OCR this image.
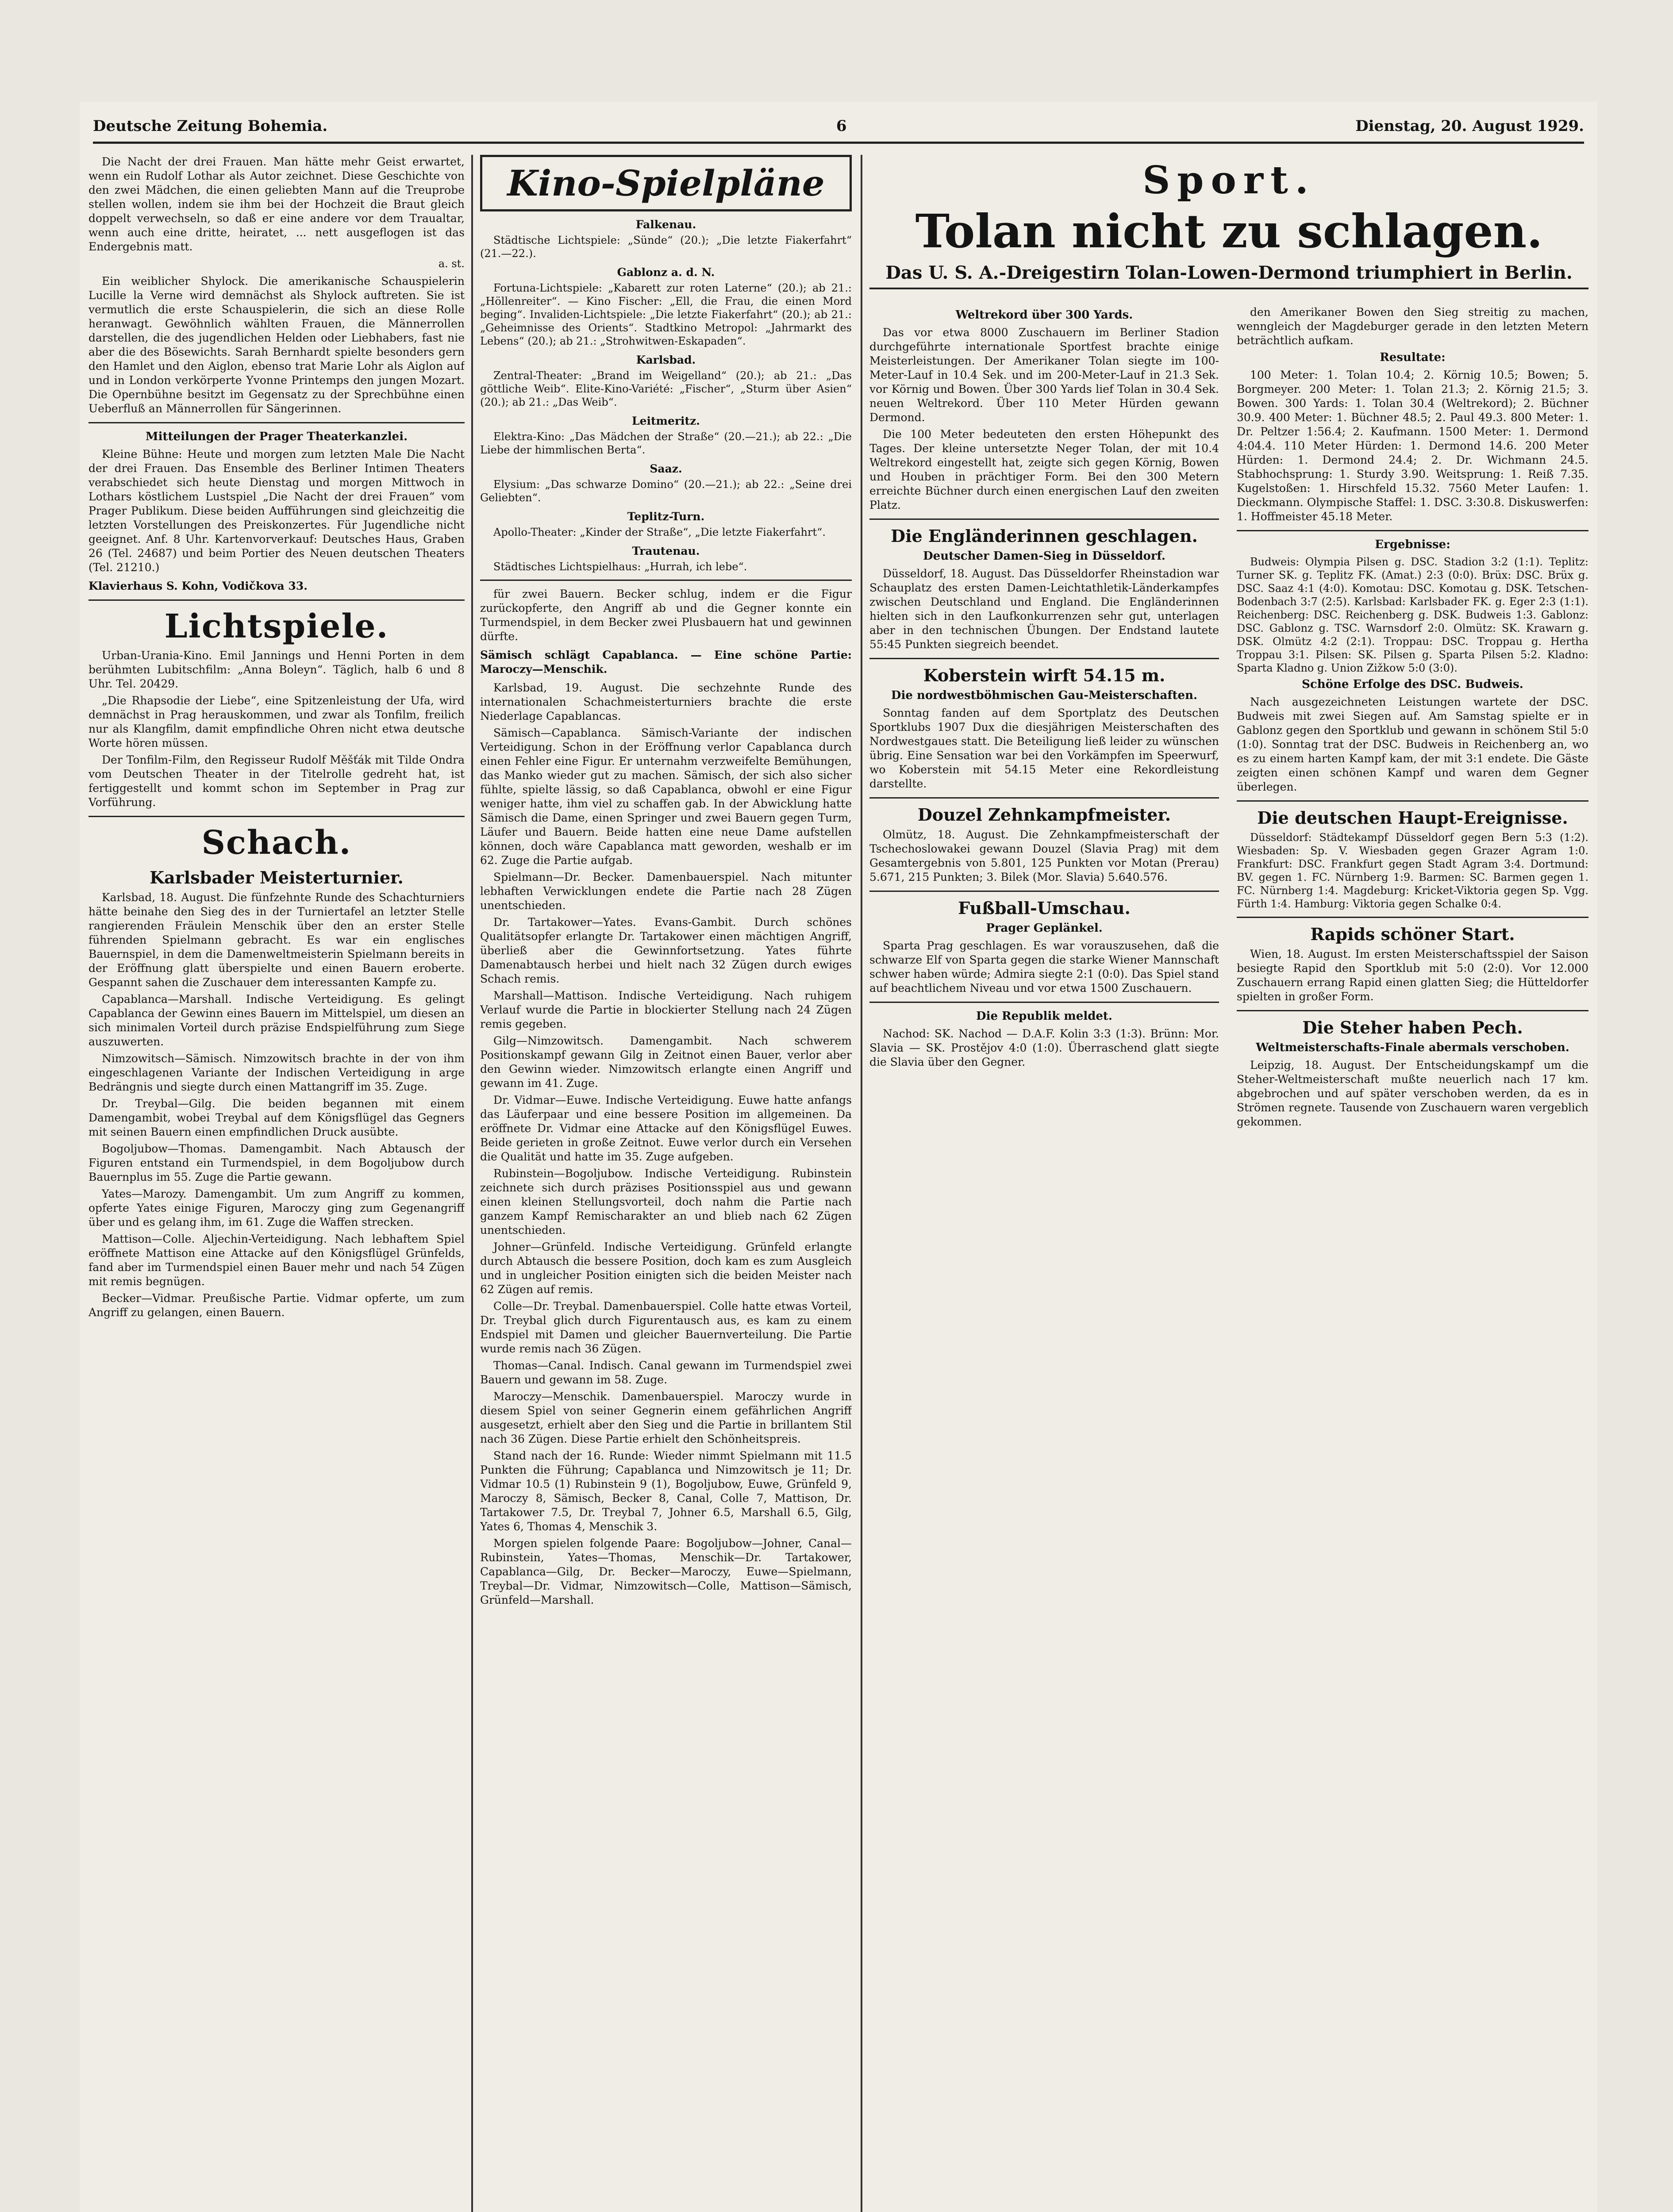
Deutsche Zeitung Bohemia.	6	Dienstag, 20. August 1929.

Die Nacht der drei Frauen. Man hätte mehr Geist erwartet, wenn ein Rudolf Lothar als Autor zeichnet. Diese Geschichte von den zwei Mädchen, die einen geliebten Mann auf die Treuprobe stellen wollen, indem sie ihm bei der Hochzeit die Braut gleich doppelt verwechseln, so daß er eine andere vor dem Traualtar, wenn auch eine dritte, heiratet, ... nett ausgeflogen ist das Endergebnis matt.

a. st.

Ein weiblicher Shylock. Die amerikanische Schauspielerin Lucille la Verne wird demnächst als Shylock auftreten. Sie ist vermutlich die erste Schauspielerin, die sich an diese Rolle heranwagt. Gewöhnlich wählten Frauen, die Männerrollen darstellen, die des jugendlichen Helden oder Liebhabers, fast nie aber die des Bösewichts. Sarah Bernhardt spielte besonders gern den Hamlet und den Aiglon, ebenso trat Marie Lohr als Aiglon auf und in London verkörperte Yvonne Printemps den jungen Mozart. Die Opernbühne besitzt im Gegensatz zu der Sprechbühne einen Ueberfluß an Männerrollen für Sängerinnen.

Mitteilungen der Prager Theaterkanzlei.

Kleine Bühne: Heute und morgen zum letzten Male Die Nacht der drei Frauen. Das Ensemble des Berliner Intimen Theaters verabschiedet sich heute Dienstag und morgen Mittwoch in Lothars köstlichem Lustspiel „Die Nacht der drei Frauen“ vom Prager Publikum. Diese beiden Aufführungen sind gleichzeitig die letzten Vorstellungen des Preiskonzertes. Für Jugendliche nicht geeignet. Anf. 8 Uhr. Kartenvorverkauf: Deutsches Haus, Graben 26 (Tel. 24687) und beim Portier des Neuen deutschen Theaters (Tel. 21210.)

Klavierhaus S. Kohn, Vodičkova 33.
Lichtspiele.

Urban-Urania-Kino. Emil Jannings und Henni Porten in dem berühmten Lubitschfilm: „Anna Boleyn“. Täglich, halb 6 und 8 Uhr. Tel. 20429.

„Die Rhapsodie der Liebe“, eine Spitzenleistung der Ufa, wird demnächst in Prag herauskommen, und zwar als Tonfilm, freilich nur als Klangfilm, damit empfindliche Ohren nicht etwa deutsche Worte hören müssen.

Der Tonfilm-Film, den Regisseur Rudolf Měšťák mit Tilde Ondra vom Deutschen Theater in der Titelrolle gedreht hat, ist fertiggestellt und kommt schon im September in Prag zur Vorführung.

Schach.
Karlsbader Meisterturnier.

Karlsbad, 18. August. Die fünfzehnte Runde des Schachturniers hätte beinahe den Sieg des in der Turniertafel an letzter Stelle rangierenden Fräulein Menschik über den an erster Stelle führenden Spielmann gebracht. Es war ein englisches Bauernspiel, in dem die Damenweltmeisterin Spielmann bereits in der Eröffnung glatt überspielte und einen Bauern eroberte. Gespannt sahen die Zuschauer dem interessanten Kampfe zu.

Capablanca—Marshall. Indische Verteidigung. Es gelingt Capablanca der Gewinn eines Bauern im Mittelspiel, um diesen an sich minimalen Vorteil durch präzise Endspielführung zum Siege auszuwerten.

Nimzowitsch—Sämisch. Nimzowitsch brachte in der von ihm eingeschlagenen Variante der Indischen Verteidigung in arge Bedrängnis und siegte durch einen Mattangriff im 35. Zuge.

Dr. Treybal—Gilg. Die beiden begannen mit einem Damengambit, wobei Treybal auf dem Königsflügel das Gegners mit seinen Bauern einen empfindlichen Druck ausübte.

Bogoljubow—Thomas. Damengambit. Nach Abtausch der Figuren entstand ein Turmendspiel, in dem Bogoljubow durch Bauernplus im 55. Zuge die Partie gewann.

Yates—Marozy. Damengambit. Um zum Angriff zu kommen, opferte Yates einige Figuren, Maroczy ging zum Gegenangriff über und es gelang ihm, im 61. Zuge die Waffen strecken.

Mattison—Colle. Aljechin-Verteidigung. Nach lebhaftem Spiel eröffnete Mattison eine Attacke auf den Königsflügel Grünfelds, fand aber im Turmendspiel einen Bauer mehr und nach 54 Zügen mit remis begnügen.

Becker—Vidmar. Preußische Partie. Vidmar opferte, um zum Angriff zu gelangen, einen Bauern.

Kino-Spielpläne
Falkenau.

Städtische Lichtspiele: „Sünde“ (20.); „Die letzte Fiakerfahrt“ (21.—22.).

Gablonz a. d. N.

Fortuna-Lichtspiele: „Kabarett zur roten Laterne“ (20.); ab 21.: „Höllenreiter“. — Kino Fischer: „Ell, die Frau, die einen Mord beging“. Invaliden-Lichtspiele: „Die letzte Fiakerfahrt“ (20.); ab 21.: „Geheimnisse des Orients“. Stadtkino Metropol: „Jahrmarkt des Lebens“ (20.); ab 21.: „Strohwitwen-Eskapaden“.

Karlsbad.

Zentral-Theater: „Brand im Weigelland“ (20.); ab 21.: „Das göttliche Weib“. Elite-Kino-Variété: „Fischer“, „Sturm über Asien“ (20.); ab 21.: „Das Weib“.

Leitmeritz.

Elektra-Kino: „Das Mädchen der Straße“ (20.—21.); ab 22.: „Die Liebe der himmlischen Berta“.

Saaz.

Elysium: „Das schwarze Domino“ (20.—21.); ab 22.: „Seine drei Geliebten“.

Teplitz-Turn.

Apollo-Theater: „Kinder der Straße“, „Die letzte Fiakerfahrt“.

Trautenau.

Städtisches Lichtspielhaus: „Hurrah, ich lebe“.

für zwei Bauern. Becker schlug, indem er die Figur zurückopferte, den Angriff ab und die Gegner konnte ein Turmendspiel, in dem Becker zwei Plusbauern hat und gewinnen dürfte.

Sämisch schlägt Capablanca. — Eine schöne Partie: Maroczy—Menschik.

Karlsbad, 19. August. Die sechzehnte Runde des internationalen Schachmeisterturniers brachte die erste Niederlage Capablancas.

Sämisch—Capablanca. Sämisch-Variante der indischen Verteidigung. Schon in der Eröffnung verlor Capablanca durch einen Fehler eine Figur. Er unternahm verzweifelte Bemühungen, das Manko wieder gut zu machen. Sämisch, der sich also sicher fühlte, spielte lässig, so daß Capablanca, obwohl er eine Figur weniger hatte, ihm viel zu schaffen gab. In der Abwicklung hatte Sämisch die Dame, einen Springer und zwei Bauern gegen Turm, Läufer und Bauern. Beide hatten eine neue Dame aufstellen können, doch wäre Capablanca matt geworden, weshalb er im 62. Zuge die Partie aufgab.

Spielmann—Dr. Becker. Damenbauerspiel. Nach mitunter lebhaften Verwicklungen endete die Partie nach 28 Zügen unentschieden.

Dr. Tartakower—Yates. Evans-Gambit. Durch schönes Qualitätsopfer erlangte Dr. Tartakower einen mächtigen Angriff, überließ aber die Gewinnfortsetzung. Yates führte Damenabtausch herbei und hielt nach 32 Zügen durch ewiges Schach remis.

Marshall—Mattison. Indische Verteidigung. Nach ruhigem Verlauf wurde die Partie in blockierter Stellung nach 24 Zügen remis gegeben.

Gilg—Nimzowitsch. Damengambit. Nach schwerem Positionskampf gewann Gilg in Zeitnot einen Bauer, verlor aber den Gewinn wieder. Nimzowitsch erlangte einen Angriff und gewann im 41. Zuge.

Dr. Vidmar—Euwe. Indische Verteidigung. Euwe hatte anfangs das Läuferpaar und eine bessere Position im allgemeinen. Da eröffnete Dr. Vidmar eine Attacke auf den Königsflügel Euwes. Beide gerieten in große Zeitnot. Euwe verlor durch ein Versehen die Qualität und hatte im 35. Zuge aufgeben.

Rubinstein—Bogoljubow. Indische Verteidigung. Rubinstein zeichnete sich durch präzises Positionsspiel aus und gewann einen kleinen Stellungsvorteil, doch nahm die Partie nach ganzem Kampf Remischarakter an und blieb nach 62 Zügen unentschieden.

Johner—Grünfeld. Indische Verteidigung. Grünfeld erlangte durch Abtausch die bessere Position, doch kam es zum Ausgleich und in ungleicher Position einigten sich die beiden Meister nach 62 Zügen auf remis.

Colle—Dr. Treybal. Damenbauerspiel. Colle hatte etwas Vorteil, Dr. Treybal glich durch Figurentausch aus, es kam zu einem Endspiel mit Damen und gleicher Bauernverteilung. Die Partie wurde remis nach 36 Zügen.

Thomas—Canal. Indisch. Canal gewann im Turmendspiel zwei Bauern und gewann im 58. Zuge.

Maroczy—Menschik. Damenbauerspiel. Maroczy wurde in diesem Spiel von seiner Gegnerin einem gefährlichen Angriff ausgesetzt, erhielt aber den Sieg und die Partie in brillantem Stil nach 36 Zügen. Diese Partie erhielt den Schönheitspreis.

Stand nach der 16. Runde: Wieder nimmt Spielmann mit 11.5 Punkten die Führung; Capablanca und Nimzowitsch je 11; Dr. Vidmar 10.5 (1) Rubinstein 9 (1), Bogoljubow, Euwe, Grünfeld 9, Maroczy 8, Sämisch, Becker 8, Canal, Colle 7, Mattison, Dr. Tartakower 7.5, Dr. Treybal 7, Johner 6.5, Marshall 6.5, Gilg, Yates 6, Thomas 4, Menschik 3.

Morgen spielen folgende Paare: Bogoljubow—Johner, Canal—Rubinstein, Yates—Thomas, Menschik—Dr. Tartakower, Capablanca—Gilg, Dr. Becker—Maroczy, Euwe—Spielmann, Treybal—Dr. Vidmar, Nimzowitsch—Colle, Mattison—Sämisch, Grünfeld—Marshall.

Sport.
Tolan nicht zu schlagen.
Das U. S. A.-Dreigestirn Tolan-Lowen-Dermond triumphiert in Berlin.
Weltrekord über 300 Yards.

Das vor etwa 8000 Zuschauern im Berliner Stadion durchgeführte internationale Sportfest brachte einige Meisterleistungen. Der Amerikaner Tolan siegte im 100-Meter-Lauf in 10.4 Sek. und im 200-Meter-Lauf in 21.3 Sek. vor Körnig und Bowen. Über 300 Yards lief Tolan in 30.4 Sek. neuen Weltrekord. Über 110 Meter Hürden gewann Dermond.

Die 100 Meter bedeuteten den ersten Höhepunkt des Tages. Der kleine untersetzte Neger Tolan, der mit 10.4 Weltrekord eingestellt hat, zeigte sich gegen Körnig, Bowen und Houben in prächtiger Form. Bei den 300 Metern erreichte Büchner durch einen energischen Lauf den zweiten Platz.

Die Engländerinnen geschlagen.
Deutscher Damen-Sieg in Düsseldorf.

Düsseldorf, 18. August. Das Düsseldorfer Rheinstadion war Schauplatz des ersten Damen-Leichtathletik-Länderkampfes zwischen Deutschland und England. Die Engländerinnen hielten sich in den Laufkonkurrenzen sehr gut, unterlagen aber in den technischen Übungen. Der Endstand lautete 55:45 Punkten siegreich beendet.

Koberstein wirft 54.15 m.
Die nordwestböhmischen Gau-Meisterschaften.

Sonntag fanden auf dem Sportplatz des Deutschen Sportklubs 1907 Dux die diesjährigen Meisterschaften des Nordwestgaues statt. Die Beteiligung ließ leider zu wünschen übrig. Eine Sensation war bei den Vorkämpfen im Speerwurf, wo Koberstein mit 54.15 Meter eine Rekordleistung darstellte.

Douzel Zehnkampfmeister.

Olmütz, 18. August. Die Zehnkampfmeisterschaft der Tschechoslowakei gewann Douzel (Slavia Prag) mit dem Gesamtergebnis von 5.801, 125 Punkten vor Motan (Prerau) 5.671, 215 Punkten; 3. Bilek (Mor. Slavia) 5.640.576.

Fußball-Umschau.
Prager Geplänkel.

Sparta Prag geschlagen. Es war vorauszusehen, daß die schwarze Elf von Sparta gegen die starke Wiener Mannschaft schwer haben würde; Admira siegte 2:1 (0:0). Das Spiel stand auf beachtlichem Niveau und vor etwa 1500 Zuschauern.

Die Republik meldet.

Nachod: SK. Nachod — D.A.F. Kolin 3:3 (1:3). Brünn: Mor. Slavia — SK. Prostějov 4:0 (1:0). Überraschend glatt siegte die Slavia über den Gegner.

den Amerikaner Bowen den Sieg streitig zu machen, wenngleich der Magdeburger gerade in den letzten Metern beträchtlich aufkam.

Resultate:

100 Meter: 1. Tolan 10.4; 2. Körnig 10.5; Bowen; 5. Borgmeyer. 200 Meter: 1. Tolan 21.3; 2. Körnig 21.5; 3. Bowen. 300 Yards: 1. Tolan 30.4 (Weltrekord); 2. Büchner 30.9. 400 Meter: 1. Büchner 48.5; 2. Paul 49.3. 800 Meter: 1. Dr. Peltzer 1:56.4; 2. Kaufmann. 1500 Meter: 1. Dermond 4:04.4. 110 Meter Hürden: 1. Dermond 14.6. 200 Meter Hürden: 1. Dermond 24.4; 2. Dr. Wichmann 24.5. Stabhochsprung: 1. Sturdy 3.90. Weitsprung: 1. Reiß 7.35. Kugelstoßen: 1. Hirschfeld 15.32. 7560 Meter Laufen: 1. Dieckmann. Olympische Staffel: 1. DSC. 3:30.8. Diskuswerfen: 1. Hoffmeister 45.18 Meter.

Ergebnisse:

Budweis: Olympia Pilsen g. DSC. Stadion 3:2 (1:1). Teplitz: Turner SK. g. Teplitz FK. (Amat.) 2:3 (0:0). Brüx: DSC. Brüx g. DSC. Saaz 4:1 (4:0). Komotau: DSC. Komotau g. DSK. Tetschen-Bodenbach 3:7 (2:5). Karlsbad: Karlsbader FK. g. Eger 2:3 (1:1). Reichenberg: DSC. Reichenberg g. DSK. Budweis 1:3. Gablonz: DSC. Gablonz g. TSC. Warnsdorf 2:0. Olmütz: SK. Krawarn g. DSK. Olmütz 4:2 (2:1). Troppau: DSC. Troppau g. Hertha Troppau 3:1. Pilsen: SK. Pilsen g. Sparta Pilsen 5:2. Kladno: Sparta Kladno g. Union Zižkow 5:0 (3:0).

Schöne Erfolge des DSC. Budweis.

Nach ausgezeichneten Leistungen wartete der DSC. Budweis mit zwei Siegen auf. Am Samstag spielte er in Gablonz gegen den Sportklub und gewann in schönem Stil 5:0 (1:0). Sonntag trat der DSC. Budweis in Reichenberg an, wo es zu einem harten Kampf kam, der mit 3:1 endete. Die Gäste zeigten einen schönen Kampf und waren dem Gegner überlegen.

Die deutschen Haupt-Ereignisse.

Düsseldorf: Städtekampf Düsseldorf gegen Bern 5:3 (1:2). Wiesbaden: Sp. V. Wiesbaden gegen Grazer Agram 1:0. Frankfurt: DSC. Frankfurt gegen Stadt Agram 3:4. Dortmund: BV. gegen 1. FC. Nürnberg 1:9. Barmen: SC. Barmen gegen 1. FC. Nürnberg 1:4. Magdeburg: Kricket-Viktoria gegen Sp. Vgg. Fürth 1:4. Hamburg: Viktoria gegen Schalke 0:4.

Rapids schöner Start.

Wien, 18. August. Im ersten Meisterschaftsspiel der Saison besiegte Rapid den Sportklub mit 5:0 (2:0). Vor 12.000 Zuschauern errang Rapid einen glatten Sieg; die Hütteldorfer spielten in großer Form.

Die Steher haben Pech.
Weltmeisterschafts-Finale abermals verschoben.

Leipzig, 18. August. Der Entscheidungskampf um die Steher-Weltmeisterschaft mußte neuerlich nach 17 km. abgebrochen und auf später verschoben werden, da es in Strömen regnete. Tausende von Zuschauern waren vergeblich gekommen.
